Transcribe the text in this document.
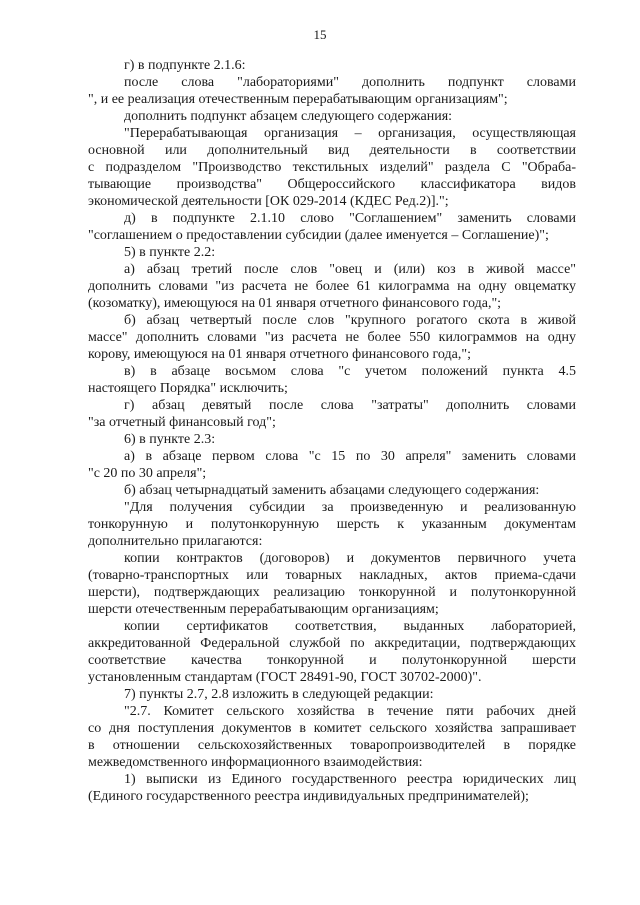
15
г) в подпункте 2.1.6:
после слова "лабораториями" дополнить подпункт словами
", и ее реализация отечественным перерабатывающим организациям";
дополнить подпункт абзацем следующего содержания:
"Перерабатывающая организация – организация, осуществляющая
основной или дополнительный вид деятельности в соответствии
с подразделом "Производство текстильных изделий" раздела С "Обраба-
тывающие производства" Общероссийского классификатора видов
экономической деятельности [ОК 029-2014 (КДЕС Ред.2)].";
д) в подпункте 2.1.10 слово "Соглашением" заменить словами
"соглашением о предоставлении субсидии (далее именуется – Соглашение)";
5) в пункте 2.2:
а) абзац третий после слов "овец и (или) коз в живой массе"
дополнить словами "из расчета не более 61 килограмма на одну овцематку
(козоматку), имеющуюся на 01 января отчетного финансового года,";
б) абзац четвертый после слов "крупного рогатого скота в живой
массе" дополнить словами "из расчета не более 550 килограммов на одну
корову, имеющуюся на 01 января отчетного финансового года,";
в) в абзаце восьмом слова "с учетом положений пункта 4.5
настоящего Порядка" исключить;
г) абзац девятый после слова "затраты" дополнить словами
"за отчетный финансовый год";
6) в пункте 2.3:
а) в абзаце первом слова "с 15 по 30 апреля" заменить словами
"с 20 по 30 апреля";
б) абзац четырнадцатый заменить абзацами следующего содержания:
"Для получения субсидии за произведенную и реализованную
тонкорунную и полутонкорунную шерсть к указанным документам
дополнительно прилагаются:
копии контрактов (договоров) и документов первичного учета
(товарно-транспортных или товарных накладных, актов приема-сдачи
шерсти), подтверждающих реализацию тонкорунной и полутонкорунной
шерсти отечественным перерабатывающим организациям;
копии сертификатов соответствия, выданных лабораторией,
аккредитованной Федеральной службой по аккредитации, подтверждающих
соответствие качества тонкорунной и полутонкорунной шерсти
установленным стандартам (ГОСТ 28491-90, ГОСТ 30702-2000)".
7) пункты 2.7, 2.8 изложить в следующей редакции:
"2.7. Комитет сельского хозяйства в течение пяти рабочих дней
со дня поступления документов в комитет сельского хозяйства запрашивает
в отношении сельскохозяйственных товаропроизводителей в порядке
межведомственного информационного взаимодействия:
1) выписки из Единого государственного реестра юридических лиц
(Единого государственного реестра индивидуальных предпринимателей);
